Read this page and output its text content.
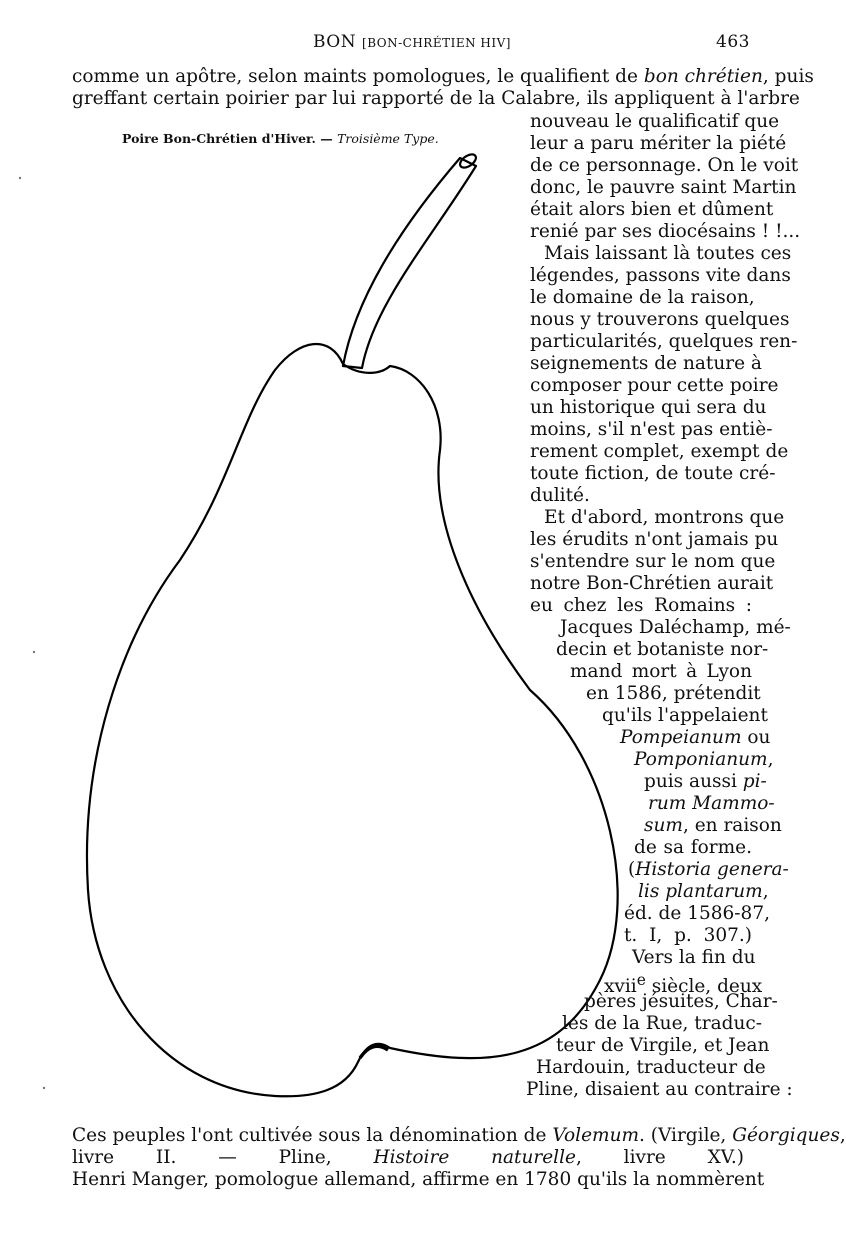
BON [BON-CHRÉTIEN HIV]	463
comme un apôtre, selon maints pomologues, le qualifient de bon chrétien, puis
greffant certain poirier par lui rapporté de la Calabre, ils appliquent à l'arbre
Poire Bon-Chrétien d'Hiver. — Troisième Type.
nouveau le qualificatif que
leur a paru mériter la piété
de ce personnage. On le voit
donc, le pauvre saint Martin
était alors bien et dûment
renié par ses diocésains ! !...
Mais laissant là toutes ces
légendes, passons vite dans
le domaine de la raison,
nous y trouverons quelques
particularités, quelques ren-
seignements de nature à
composer pour cette poire
un historique qui sera du
moins, s'il n'est pas entiè-
rement complet, exempt de
toute fiction, de toute cré-
dulité.
Et d'abord, montrons que
les érudits n'ont jamais pu
s'entendre sur le nom que
notre Bon-Chrétien aurait
eu chez les Romains :
Jacques Daléchamp, mé-
decin et botaniste nor-
mand mort à Lyon
en 1586, prétendit
qu'ils l'appelaient
Pompeianum ou
Pomponianum,
puis aussi pi-
rum Mammo-
sum, en raison
de sa forme.
(Historia genera-
lis plantarum,
éd. de 1586-87,
t. I, p. 307.)
Vers la fin du
xvii$^e$ siècle, deux
pères jésuites, Char-
les de la Rue, traduc-
teur de Virgile, et Jean
Hardouin, traducteur de
Pline, disaient au contraire :
Ces peuples l'ont cultivée sous la dénomination de Volemum. (Virgile, Géorgiques,
livre II. — Pline, Histoire naturelle, livre XV.)
Henri Manger, pomologue allemand, affirme en 1780 qu'ils la nommèrent
